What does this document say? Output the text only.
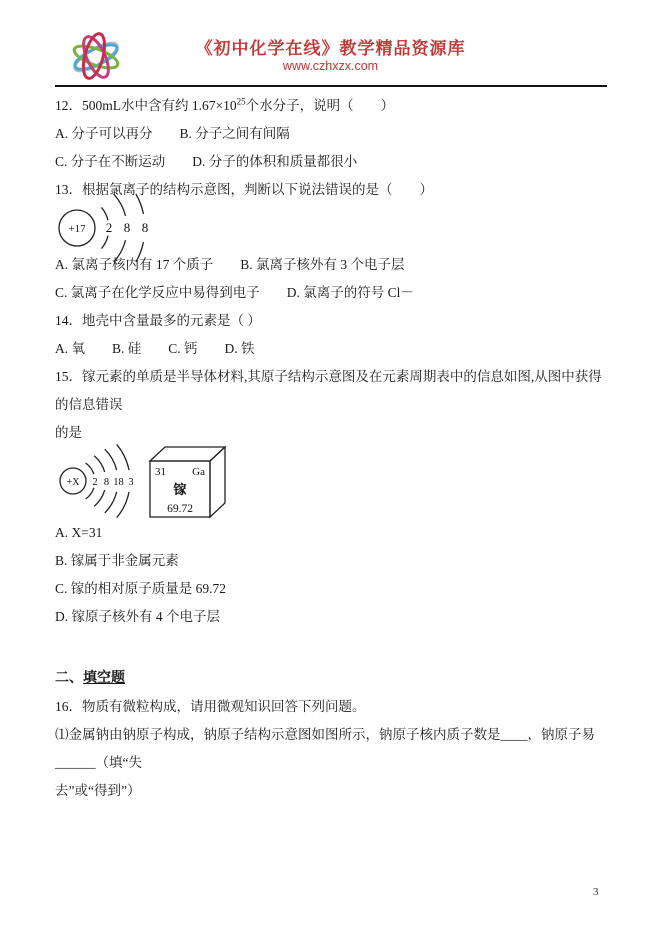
《初中化学在线》教学精品资源库
www.czhxzx.com

12．500mL水中含有约 $1.67\times 10^{25}$个水分子，说明（　　）

A. 分子可以再分　　B. 分子之间有间隔

C. 分子在不断运动　　D. 分子的体积和质量都很小

13．根据氯离子的结构示意图，判断以下说法错误的是（　　）

+17 2 8 8

A. 氯离子核内有 17 个质子　　B. 氯离子核外有 3 个电子层

C. 氯离子在化学反应中易得到电子　　D. 氯离子的符号 Cl－

14．地壳中含量最多的元素是（ ）

A. 氧　　B. 硅　　C. 钙　　D. 铁

15．镓元素的单质是半导体材料,其原子结构示意图及在元素周期表中的信息如图,从图中获得的信息错误

的是

+X 2 8 18 3
31 Ga
镓
69.72

A. X=31

B. 镓属于非金属元素

C. 镓的相对原子质量是 69.72

D. 镓原子核外有 4 个电子层

二、填空题

16．物质有微粒构成，请用微观知识回答下列问题。

⑴金属钠由钠原子构成，钠原子结构示意图如图所示，钠原子核内质子数是____，钠原子易______（填“失

去”或“得到”）

3
